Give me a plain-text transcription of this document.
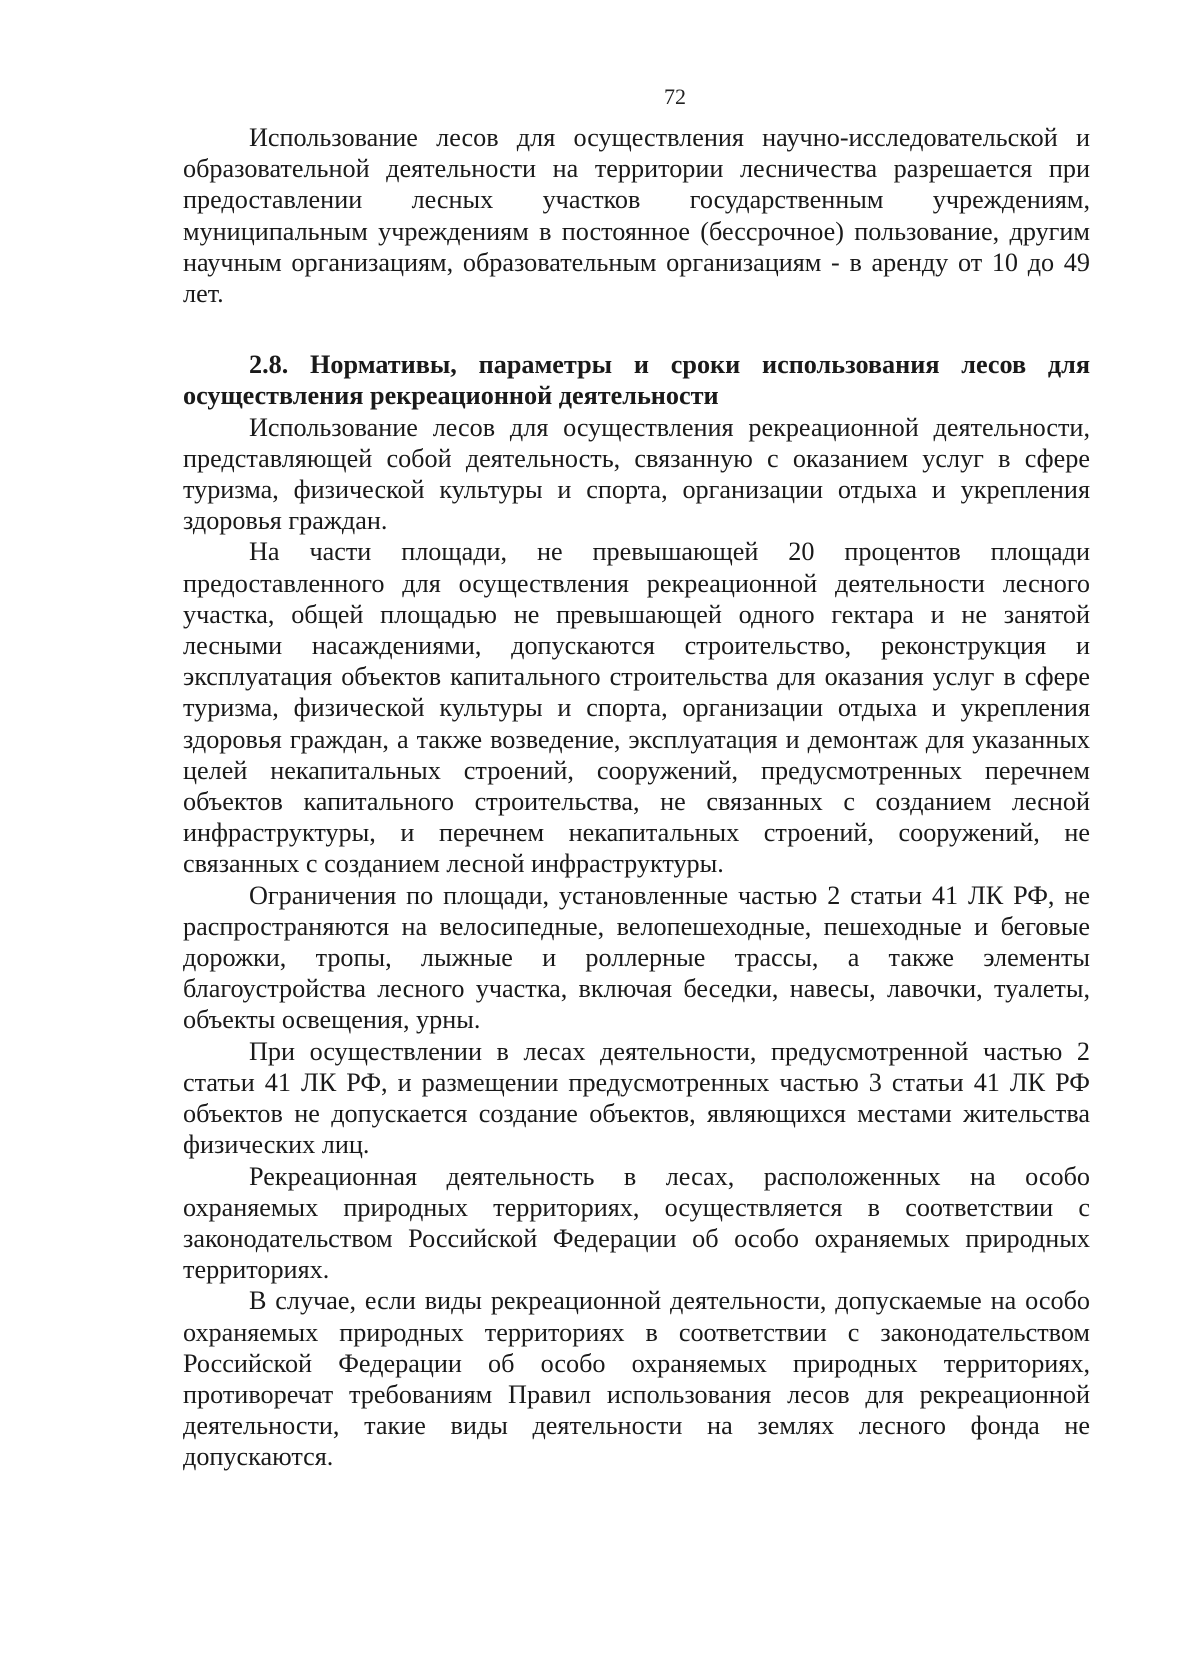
72

Использование лесов для осуществления научно-исследовательской и образовательной деятельности на территории лесничества разрешается при предоставлении лесных участков государственным учреждениям, муниципальным учреждениям в постоянное (бессрочное) пользование, другим научным организациям, образовательным организациям - в аренду от 10 до 49 лет.

2.8. Нормативы, параметры и сроки использования лесов для осуществления рекреационной деятельности

Использование лесов для осуществления рекреационной деятельности, представляющей собой деятельность, связанную с оказанием услуг в сфере туризма, физической культуры и спорта, организации отдыха и укрепления здоровья граждан.

На части площади, не превышающей 20 процентов площади предоставленного для осуществления рекреационной деятельности лесного участка, общей площадью не превышающей одного гектара и не занятой лесными насаждениями, допускаются строительство, реконструкция и эксплуатация объектов капитального строительства для оказания услуг в сфере туризма, физической культуры и спорта, организации отдыха и укрепления здоровья граждан, а также возведение, эксплуатация и демонтаж для указанных целей некапитальных строений, сооружений, предусмотренных перечнем объектов капитального строительства, не связанных с созданием лесной инфраструктуры, и перечнем некапитальных строений, сооружений, не связанных с созданием лесной инфраструктуры.

Ограничения по площади, установленные частью 2 статьи 41 ЛК РФ, не распространяются на велосипедные, велопешеходные, пешеходные и беговые дорожки, тропы, лыжные и роллерные трассы, а также элементы благоустройства лесного участка, включая беседки, навесы, лавочки, туалеты, объекты освещения, урны.

При осуществлении в лесах деятельности, предусмотренной частью 2 статьи 41 ЛК РФ, и размещении предусмотренных частью 3 статьи 41 ЛК РФ объектов не допускается создание объектов, являющихся местами жительства физических лиц.

Рекреационная деятельность в лесах, расположенных на особо охраняемых природных территориях, осуществляется в соответствии с законодательством Российской Федерации об особо охраняемых природных территориях.

В случае, если виды рекреационной деятельности, допускаемые на особо охраняемых природных территориях в соответствии с законодательством Российской Федерации об особо охраняемых природных территориях, противоречат требованиям Правил использования лесов для рекреационной деятельности, такие виды деятельности на землях лесного фонда не допускаются.
